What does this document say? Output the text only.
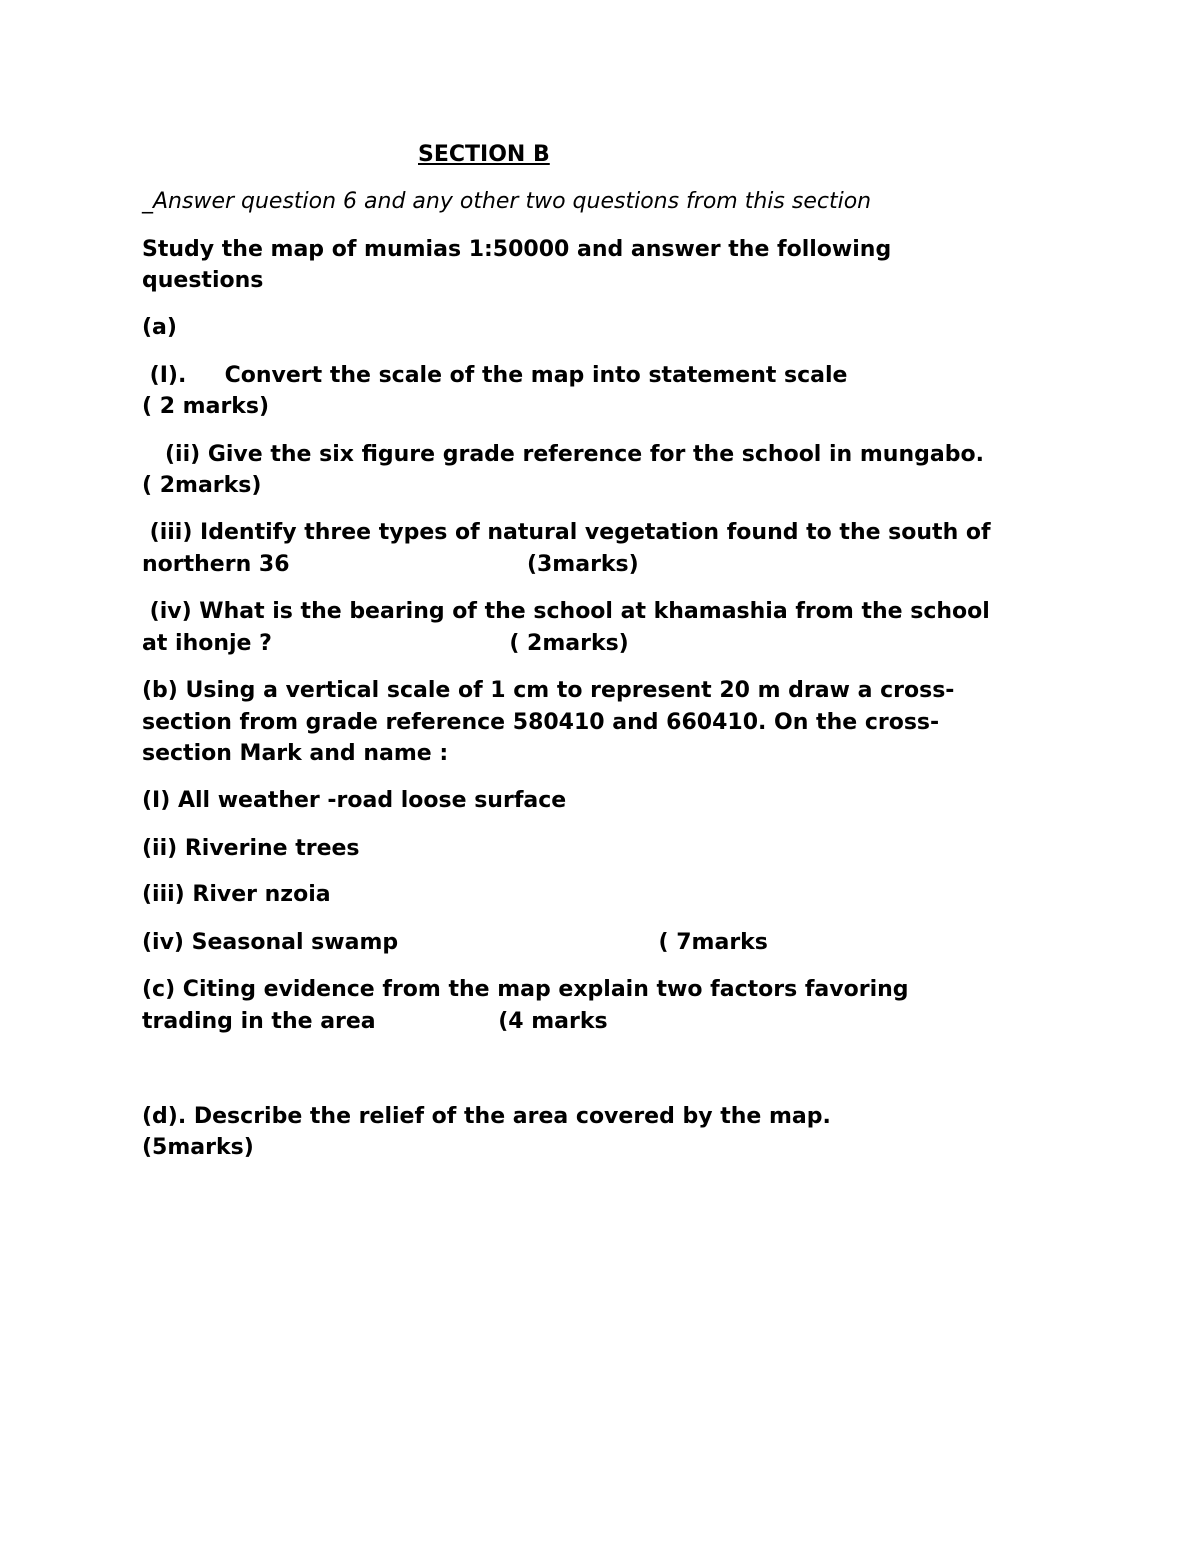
SECTION B
_Answer question 6 and any other two questions from this section
Study the map of mumias 1:50000 and answer the following
questions
(a)
(I).     Convert the scale of the map into statement scale
( 2 marks)
(ii) Give the six figure grade reference for the school in mungabo.
( 2marks)
(iii) Identify three types of natural vegetation found to the south of
northern 36                               (3marks)
(iv) What is the bearing of the school at khamashia from the school
at ihonje ?                               ( 2marks)
(b) Using a vertical scale of 1 cm to represent 20 m draw a cross-
section from grade reference 580410 and 660410. On the cross-
section Mark and name :
(I) All weather -road loose surface
(ii) Riverine trees
(iii) River nzoia
(iv) Seasonal swamp                                  ( 7marks
(c) Citing evidence from the map explain two factors favoring
trading in the area                (4 marks
(d). Describe the relief of the area covered by the map.
(5marks)
